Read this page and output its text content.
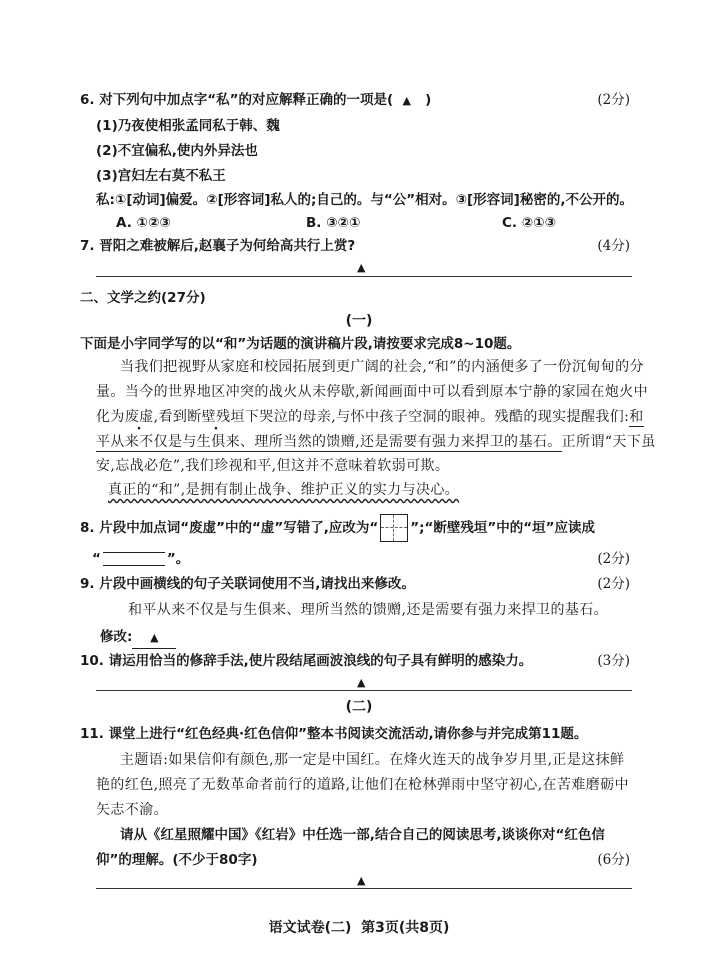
6. 对下列句中加点字“私”的对应解释正确的一项是( ▲ )	(2分)
(1)乃夜使相张孟同私于韩、魏
(2)不宜偏私,使内外异法也
(3)宫妇左右莫不私王
私:①[动词]偏爱。②[形容词]私人的;自己的。与“公”相对。③[形容词]秘密的,不公开的。
A. ①②③	B. ③②①	C. ②①③
7. 晋阳之难被解后,赵襄子为何给高共行上赏?	(4分)
▲
二、文学之约(27分)
(一)
下面是小宇同学写的以“和”为话题的演讲稿片段,请按要求完成8~10题。
当我们把视野从家庭和校园拓展到更广阔的社会,“和”的内涵便多了一份沉甸甸的分
量。当今的世界地区冲突的战火从未停歇,新闻画面中可以看到原本宁静的家园在炮火中
化为废虚,看到断壁残垣下哭泣的母亲,与怀中孩子空洞的眼神。残酷的现实提醒我们:和
平从来不仅是与生俱来、理所当然的馈赠,还是需要有强力来捍卫的基石。正所谓“天下虽
安,忘战必危”,我们珍视和平,但这并不意味着软弱可欺。
真正的“和”,是拥有制止战争、维护正义的实力与决心。
8. 片段中加点词“废虚”中的“虚”写错了,应改为“ ”;“断壁残垣”中的“垣”应读成
“	”。	(2分)
9. 片段中画横线的句子关联词使用不当,请找出来修改。	(2分)
和平从来不仅是与生俱来、理所当然的馈赠,还是需要有强力来捍卫的基石。
修改: ▲
10. 请运用恰当的修辞手法,使片段结尾画波浪线的句子具有鲜明的感染力。	(3分)
▲
(二)
11. 课堂上进行“红色经典·红色信仰”整本书阅读交流活动,请你参与并完成第11题。
主题语:如果信仰有颜色,那一定是中国红。在烽火连天的战争岁月里,正是这抹鲜
艳的红色,照亮了无数革命者前行的道路,让他们在枪林弹雨中坚守初心,在苦难磨砺中
矢志不渝。
请从《红星照耀中国》《红岩》中任选一部,结合自己的阅读思考,谈谈你对“红色信
仰”的理解。(不少于80字)	(6分)
▲
语文试卷(二)  第3页(共8页)
